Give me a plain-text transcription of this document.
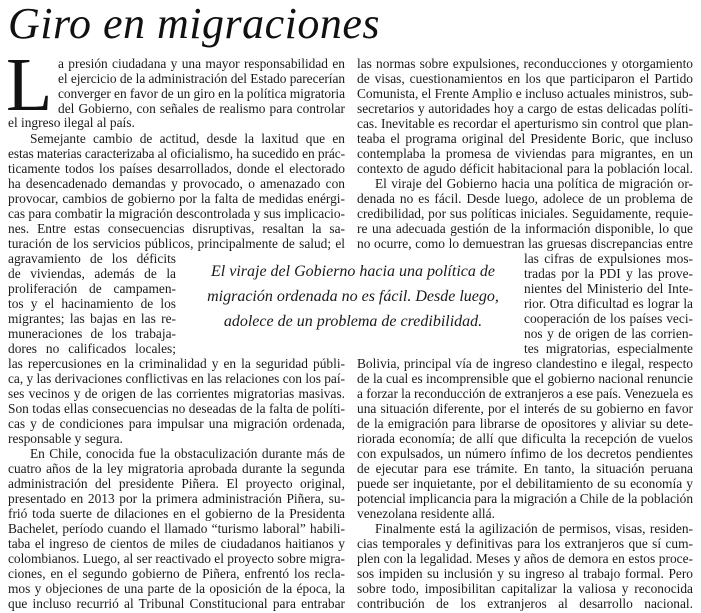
Giro en migraciones
L a presión ciudadana y una mayor responsabilidad en
el ejercicio de la administración del Estado parecerían
converger en favor de un giro en la política migratoria
del Gobierno, con señales de realismo para controlar
el ingreso ilegal al país.
Semejante cambio de actitud, desde la laxitud que en
estas materias caracterizaba al oficialismo, ha sucedido en prác-
ticamente todos los países desarrollados, donde el electorado
ha desencadenado demandas y provocado, o amenazado con
provocar, cambios de gobierno por la falta de medidas enérgi-
cas para combatir la migración descontrolada y sus implicacio-
nes. Entre estas consecuencias disruptivas, resaltan la sa-
turación de los servicios públicos, principalmente de salud; el
agravamiento de los déficits
de viviendas, además de la
proliferación de campamen-
tos y el hacinamiento de los
migrantes; las bajas en las re-
muneraciones de los trabaja-
dores no calificados locales;
las repercusiones en la criminalidad y en la seguridad públi-
ca, y las derivaciones conflictivas en las relaciones con los paí-
ses vecinos y de origen de las corrientes migratorias masivas.
Son todas ellas consecuencias no deseadas de la falta de políti-
cas y de condiciones para impulsar una migración ordenada,
responsable y segura.
En Chile, conocida fue la obstaculización durante más de
cuatro años de la ley migratoria aprobada durante la segunda
administración del presidente Piñera. El proyecto original,
presentado en 2013 por la primera administración Piñera, su-
frió toda suerte de dilaciones en el gobierno de la Presidenta
Bachelet, período cuando el llamado “turismo laboral” habili-
taba el ingreso de cientos de miles de ciudadanos haitianos y
colombianos. Luego, al ser reactivado el proyecto sobre migra-
ciones, en el segundo gobierno de Piñera, enfrentó los recla-
mos y objeciones de una parte de la oposición de la época, la
que incluso recurrió al Tribunal Constitucional para entrabar
las normas sobre expulsiones, reconducciones y otorgamiento
de visas, cuestionamientos en los que participaron el Partido
Comunista, el Frente Amplio e incluso actuales ministros, sub-
secretarios y autoridades hoy a cargo de estas delicadas políti-
cas. Inevitable es recordar el aperturismo sin control que plan-
teaba el programa original del Presidente Boric, que incluso
contemplaba la promesa de viviendas para migrantes, en un
contexto de agudo déficit habitacional para la población local.
El viraje del Gobierno hacia una política de migración or-
denada no es fácil. Desde luego, adolece de un problema de
credibilidad, por sus políticas iniciales. Seguidamente, requie-
re una adecuada gestión de la información disponible, lo que
no ocurre, como lo demuestran las gruesas discrepancias entre
las cifras de expulsiones mos-
tradas por la PDI y las prove-
nientes del Ministerio del Inte-
rior. Otra dificultad es lograr la
cooperación de los países veci-
nos y de origen de las corrien-
tes migratorias, especialmente
Bolivia, principal vía de ingreso clandestino e ilegal, respecto
de la cual es incomprensible que el gobierno nacional renuncie
a forzar la reconducción de extranjeros a ese país. Venezuela es
una situación diferente, por el interés de su gobierno en favor
de la emigración para librarse de opositores y aliviar su dete-
riorada economía; de allí que dificulta la recepción de vuelos
con expulsados, un número ínfimo de los decretos pendientes
de ejecutar para ese trámite. En tanto, la situación peruana
puede ser inquietante, por el debilitamiento de su economía y
potencial implicancia para la migración a Chile de la población
venezolana residente allá.
Finalmente está la agilización de permisos, visas, residen-
cias temporales y definitivas para los extranjeros que sí cum-
plen con la legalidad. Meses y años de demora en estos proce-
sos impiden su inclusión y su ingreso al trabajo formal. Pero
sobre todo, imposibilitan capitalizar la valiosa y reconocida
contribución de los extranjeros al desarrollo nacional.
El viraje del Gobierno hacia una política de
migración ordenada no es fácil. Desde luego,
adolece de un problema de credibilidad.
